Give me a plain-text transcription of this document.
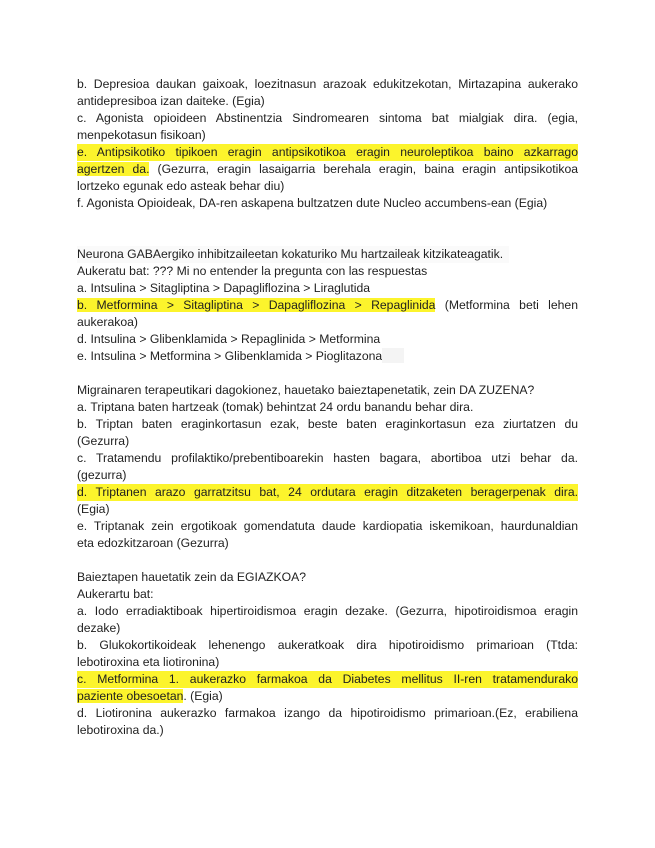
b. Depresioa daukan gaixoak, loezitnasun arazoak edukitzekotan, Mirtazapina aukerako
antidepresiboa izan daiteke. (Egia)
c. Agonista opioideen Abstinentzia Sindromearen sintoma bat mialgiak dira. (egia,
menpekotasun fisikoan)
e. Antipsikotiko tipikoen eragin antipsikotikoa eragin neuroleptikoa baino azkarrago
agertzen da. (Gezurra, eragin lasaigarria berehala eragin, baina eragin antipsikotikoa
lortzeko egunak edo asteak behar diu)
f. Agonista Opioideak, DA-ren askapena bultzatzen dute Nucleo accumbens-ean (Egia)
Neurona GABAergiko inhibitzaileetan kokaturiko Mu hartzaileak kitzikateagatik.
Aukeratu bat: ??? Mi no entender la pregunta con las respuestas
a. Intsulina > Sitagliptina > Dapagliflozina > Liraglutida
b. Metformina > Sitagliptina > Dapagliflozina > Repaglinida (Metformina beti lehen
aukerakoa)
d. Intsulina > Glibenklamida > Repaglinida > Metformina
e. Intsulina > Metformina > Glibenklamida > Pioglitazona
Migrainaren terapeutikari dagokionez, hauetako baieztapenetatik, zein DA ZUZENA?
a. Triptana baten hartzeak (tomak) behintzat 24 ordu banandu behar dira.
b. Triptan baten eraginkortasun ezak, beste baten eraginkortasun eza ziurtatzen du
(Gezurra)
c. Tratamendu profilaktiko/prebentiboarekin hasten bagara, abortiboa utzi behar da.
(gezurra)
d. Triptanen arazo garratzitsu bat, 24 ordutara eragin ditzaketen beragerpenak dira.
(Egia)
e. Triptanak zein ergotikoak gomendatuta daude kardiopatia iskemikoan, haurdunaldian
eta edozkitzaroan (Gezurra)
Baieztapen hauetatik zein da EGIAZKOA?
Aukerartu bat:
a. Iodo erradiaktiboak hipertiroidismoa eragin dezake. (Gezurra, hipotiroidismoa eragin
dezake)
b. Glukokortikoideak lehenengo aukeratkoak dira hipotiroidismo primarioan (Ttda:
lebotiroxina eta liotironina)
c. Metformina 1. aukerazko farmakoa da Diabetes mellitus II-ren tratamendurako
paziente obesoetan. (Egia)
d. Liotironina aukerazko farmakoa izango da hipotiroidismo primarioan.(Ez, erabiliena
lebotiroxina da.)
